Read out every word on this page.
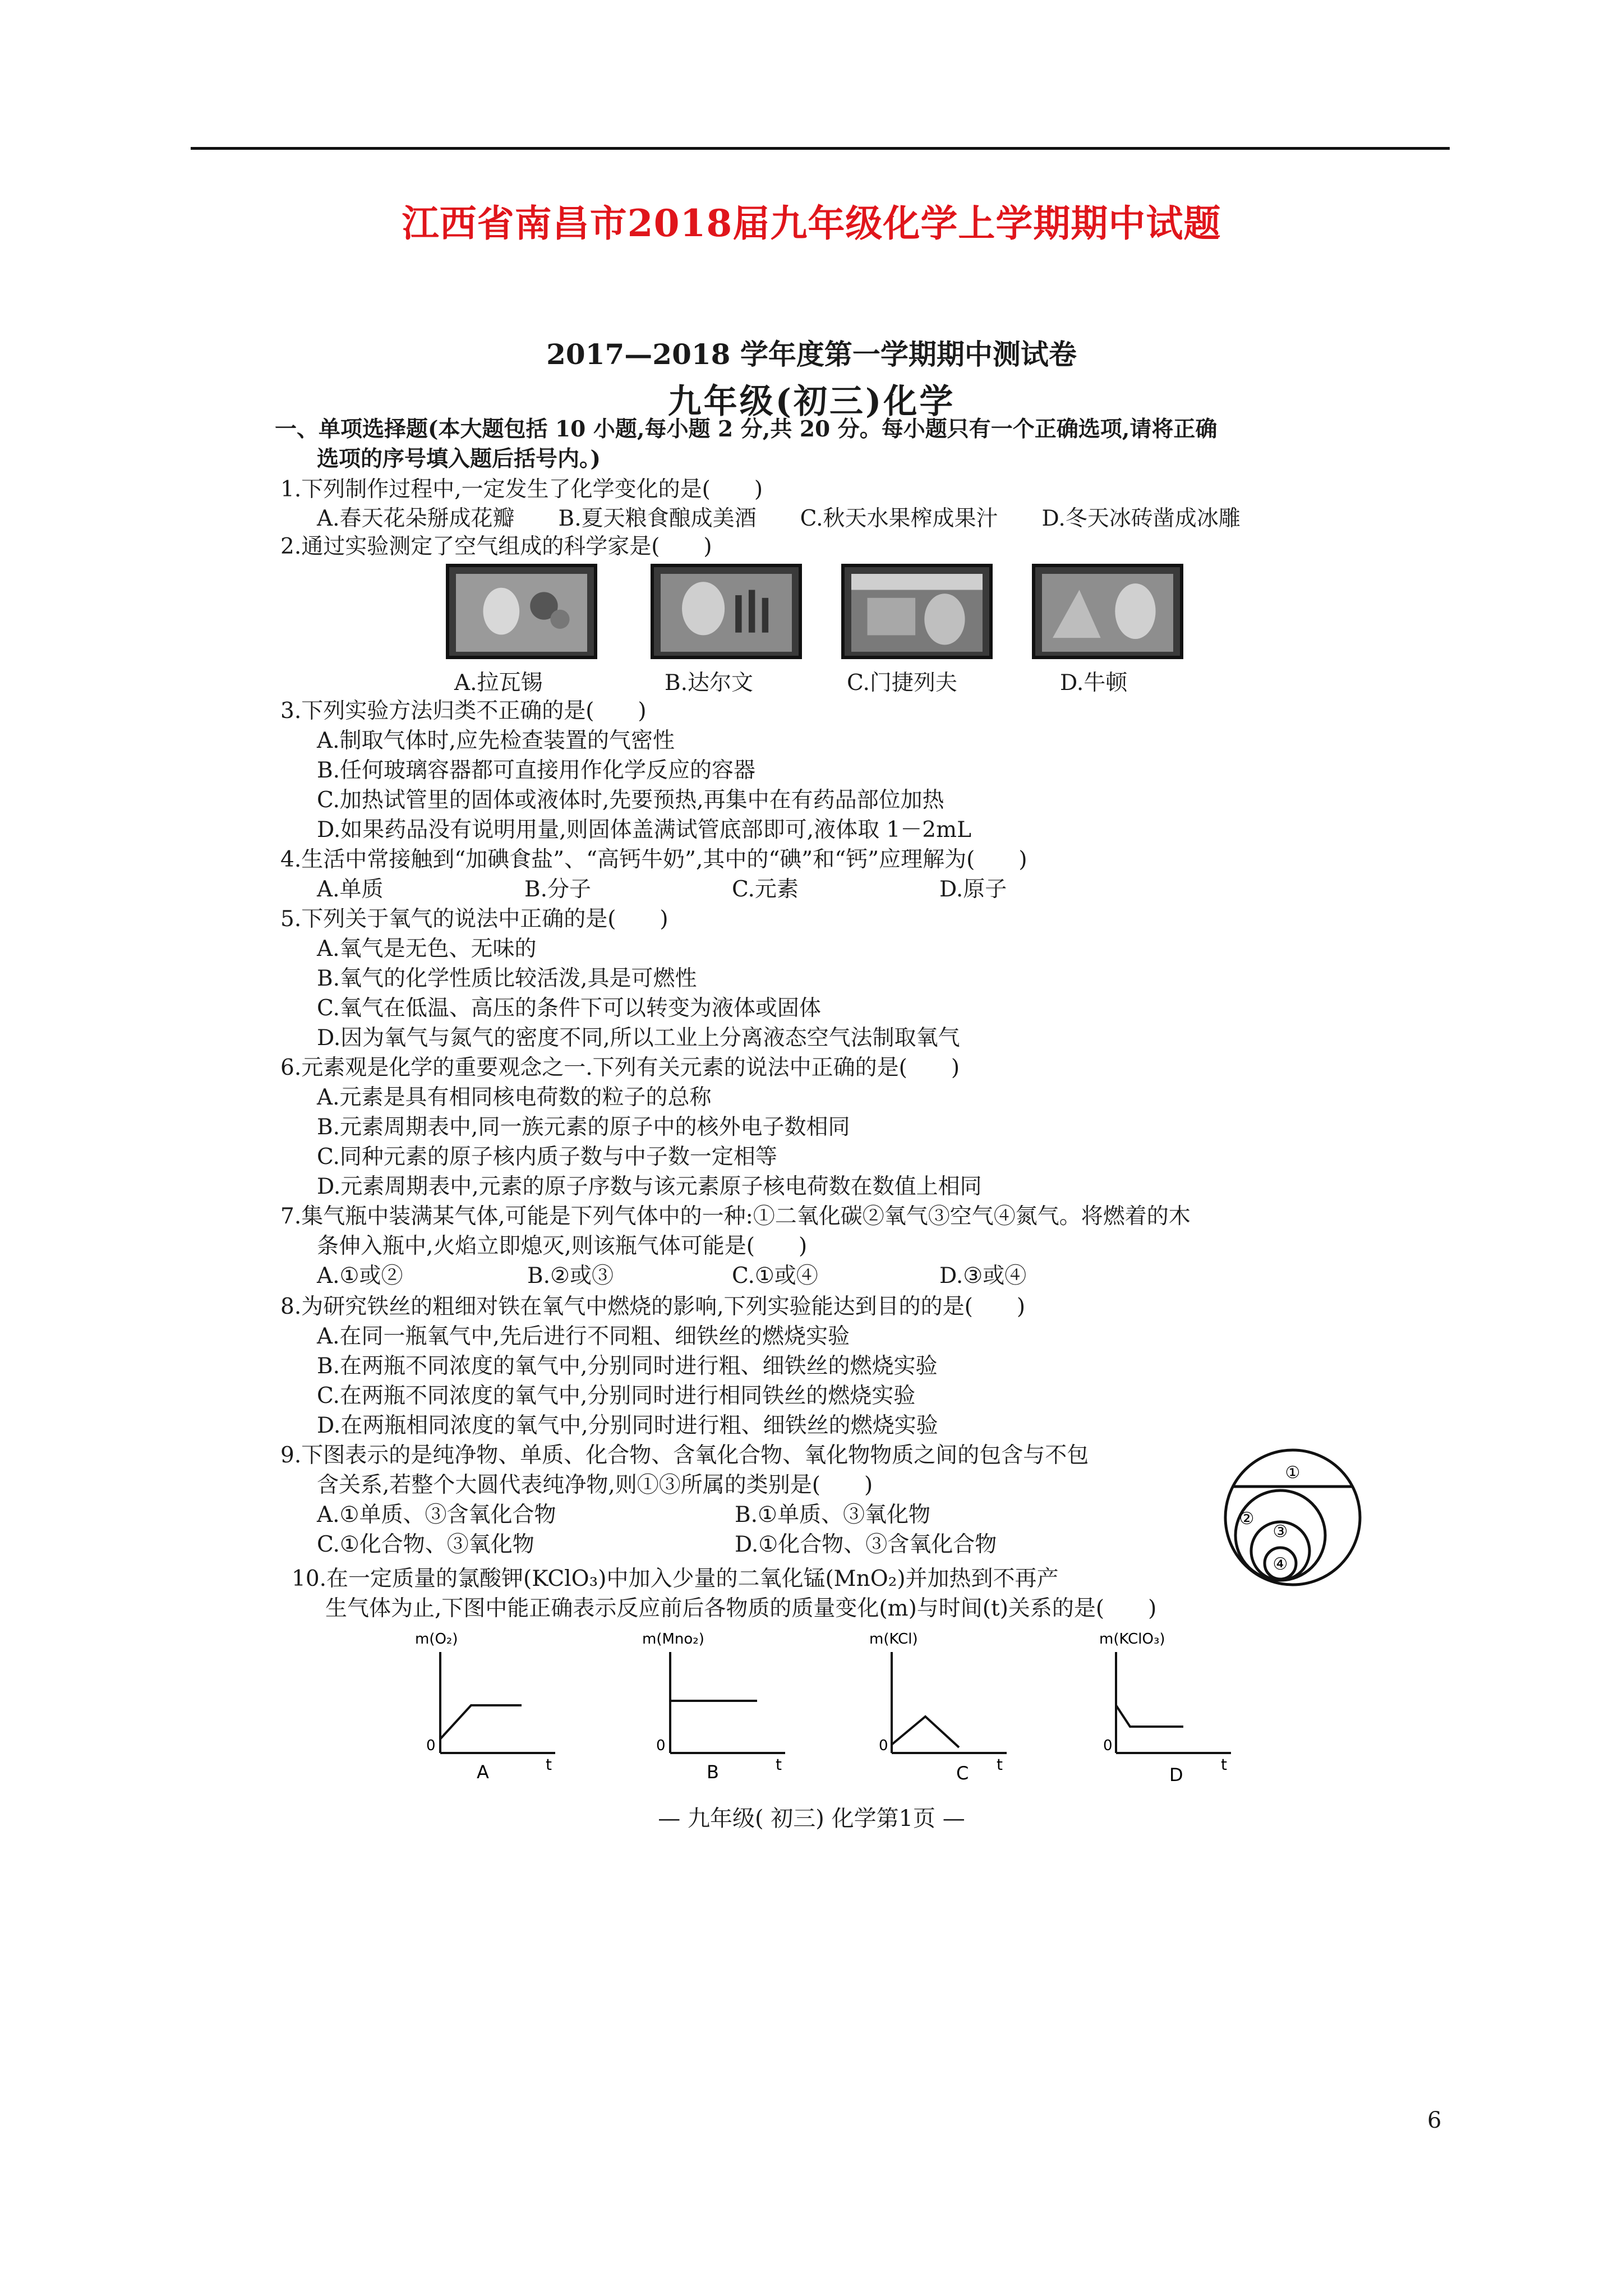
江西省南昌市2018届九年级化学上学期期中试题
2017—2018 学年度第一学期期中测试卷
九年级(初三)化学
一、单项选择题(本大题包括 10 小题,每小题 2 分,共 20 分。每小题只有一个正确选项,请将正确
选项的序号填入题后括号内。)
1.下列制作过程中,一定发生了化学变化的是(　　)
A.春天花朵掰成花瓣　　B.夏天粮食酿成美酒　　C.秋天水果榨成果汁　　D.冬天冰砖凿成冰雕
2.通过实验测定了空气组成的科学家是(　　)
A.拉瓦锡	B.达尔文	C.门捷列夫	D.牛顿
3.下列实验方法归类不正确的是(　　)
A.制取气体时,应先检查装置的气密性
B.任何玻璃容器都可直接用作化学反应的容器
C.加热试管里的固体或液体时,先要预热,再集中在有药品部位加热
D.如果药品没有说明用量,则固体盖满试管底部即可,液体取 1－2mL
4.生活中常接触到“加碘食盐”、“高钙牛奶”,其中的“碘”和“钙”应理解为(　　)
A.单质	B.分子	C.元素	D.原子
5.下列关于氧气的说法中正确的是(　　)
A.氧气是无色、无味的
B.氧气的化学性质比较活泼,具是可燃性
C.氧气在低温、高压的条件下可以转变为液体或固体
D.因为氧气与氮气的密度不同,所以工业上分离液态空气法制取氧气
6.元素观是化学的重要观念之一.下列有关元素的说法中正确的是(　　)
A.元素是具有相同核电荷数的粒子的总称
B.元素周期表中,同一族元素的原子中的核外电子数相同
C.同种元素的原子核内质子数与中子数一定相等
D.元素周期表中,元素的原子序数与该元素原子核电荷数在数值上相同
7.集气瓶中装满某气体,可能是下列气体中的一种:①二氧化碳②氧气③空气④氮气。将燃着的木
条伸入瓶中,火焰立即熄灭,则该瓶气体可能是(　　)
A.①或②	B.②或③	C.①或④	D.③或④
8.为研究铁丝的粗细对铁在氧气中燃烧的影响,下列实验能达到目的的是(　　)
A.在同一瓶氧气中,先后进行不同粗、细铁丝的燃烧实验
B.在两瓶不同浓度的氧气中,分别同时进行粗、细铁丝的燃烧实验
C.在两瓶不同浓度的氧气中,分别同时进行相同铁丝的燃烧实验
D.在两瓶相同浓度的氧气中,分别同时进行粗、细铁丝的燃烧实验
9.下图表示的是纯净物、单质、化合物、含氧化合物、氧化物物质之间的包含与不包
含关系,若整个大圆代表纯净物,则①③所属的类别是(　　)
A.①单质、③含氧化合物	B.①单质、③氧化物
C.①化合物、③氧化物	D.①化合物、③含氧化合物
①
②
③
④
10.在一定质量的氯酸钾(KClO₃)中加入少量的二氧化锰(MnO₂)并加热到不再产
生气体为止,下图中能正确表示反应前后各物质的质量变化(m)与时间(t)关系的是(　　)
m(O₂)
0
t
A
m(Mno₂)
0
t
B
m(KCl)
0
t
C
m(KClO₃)
0
t
D
— 九年级( 初三) 化学第1页 —
6
